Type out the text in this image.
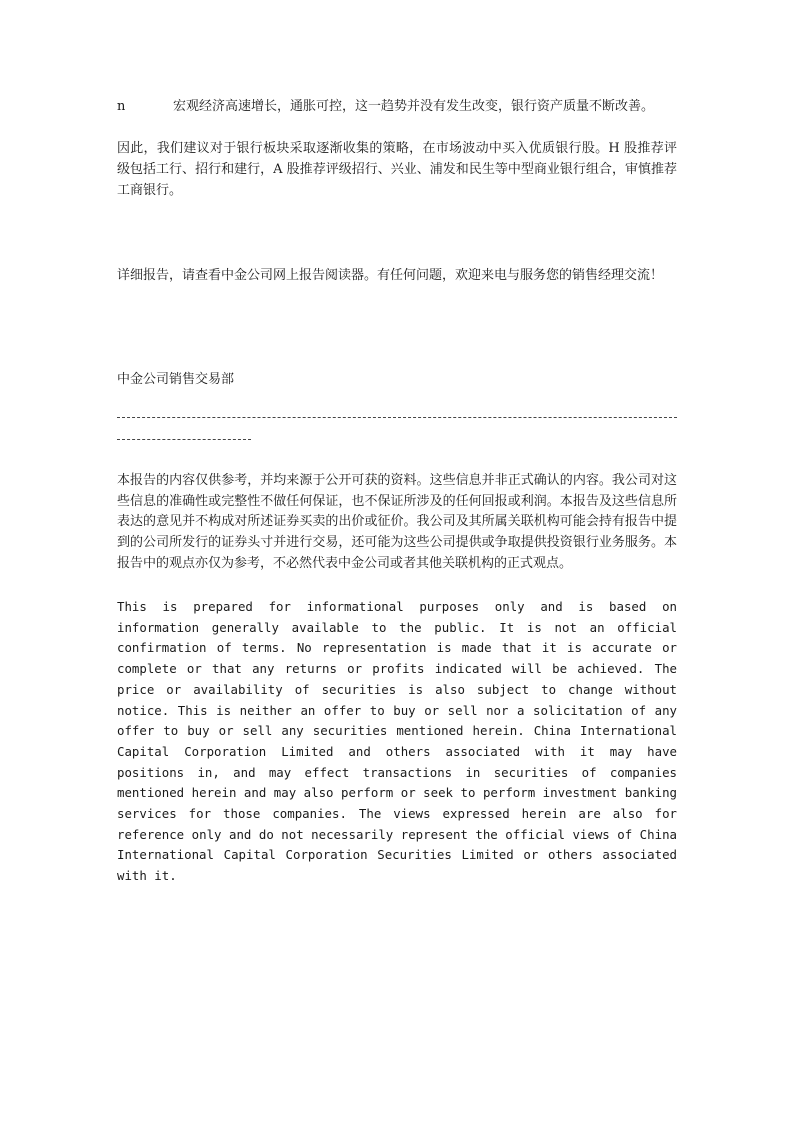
n	宏观经济高速增长，通胀可控，这一趋势并没有发生改变，银行资产质量不断改善。
因此，我们建议对于银行板块采取逐渐收集的策略，在市场波动中买入优质银行股。H 股推荐评级包括工行、招行和建行，A 股推荐评级招行、兴业、浦发和民生等中型商业银行组合，审慎推荐工商银行。
详细报告，请查看中金公司网上报告阅读器。有任何问题，欢迎来电与服务您的销售经理交流！
中金公司销售交易部
本报告的内容仅供参考，并均来源于公开可获的资料。这些信息并非正式确认的内容。我公司对这些信息的准确性或完整性不做任何保证，也不保证所涉及的任何回报或利润。本报告及这些信息所表达的意见并不构成对所述证券买卖的出价或征价。我公司及其所属关联机构可能会持有报告中提到的公司所发行的证券头寸并进行交易，还可能为这些公司提供或争取提供投资银行业务服务。本报告中的观点亦仅为参考，不必然代表中金公司或者其他关联机构的正式观点。
This is prepared for informational purposes only and is based on information generally available to the public. It is not an official confirmation of terms. No representation is made that it is accurate or complete or that any returns or profits indicated will be achieved. The price or availability of securities is also subject to change without notice. This is neither an offer to buy or sell nor a solicitation of any offer to buy or sell any securities mentioned herein. China International Capital Corporation Limited and others associated with it may have positions in, and may effect transactions in securities of companies mentioned herein and may also perform or seek to perform investment banking services for those companies. The views expressed herein are also for reference only and do not necessarily represent the official views of China International Capital Corporation Securities Limited or others associated with it.
